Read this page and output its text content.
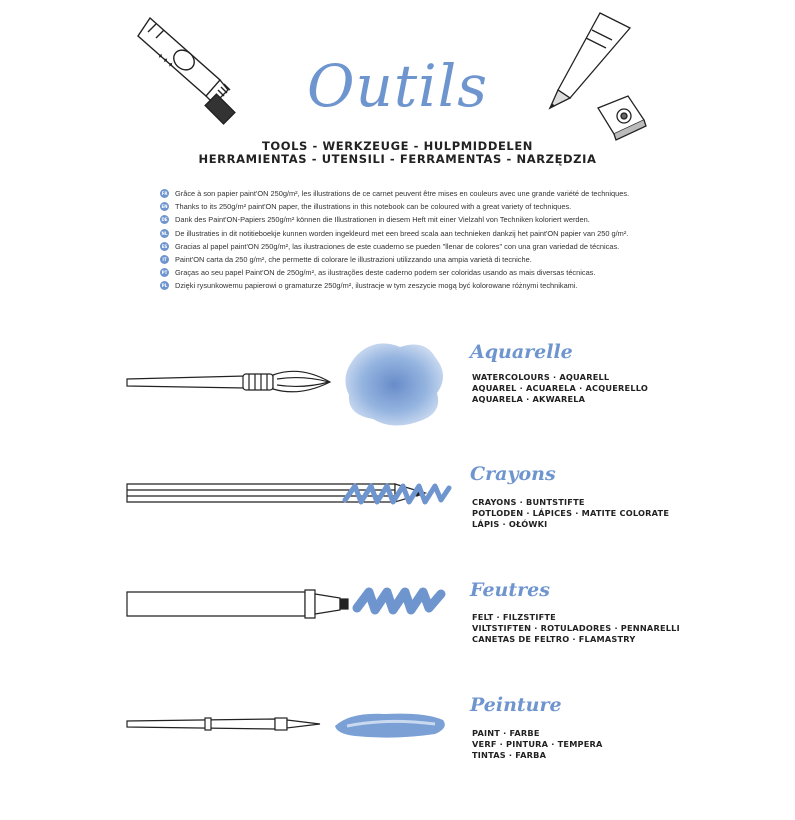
✦✦✦	Outils
TOOLS - WERKZEUGE - HULPMIDDELEN
HERRAMIENTAS - UTENSILI - FERRAMENTAS - NARZĘDZIA
FR Grâce à son papier paint'ON 250g/m², les illustrations de ce carnet peuvent être mises en couleurs avec une grande variété de techniques.
EN Thanks to its 250g/m² paint'ON paper, the illustrations in this notebook can be coloured with a great variety of techniques.
DE Dank des Paint'ON-Papiers 250g/m² können die Illustrationen in diesem Heft mit einer Vielzahl von Techniken koloriert werden.
NL De illustraties in dit notitieboekje kunnen worden ingekleurd met een breed scala aan technieken dankzij het paint'ON papier van 250 g/m².
ES Gracias al papel paint'ON 250g/m², las ilustraciones de este cuaderno se pueden "llenar de colores" con una gran variedad de técnicas.
IT	Paint'ON carta da 250 g/m², che permette di colorare le illustrazioni utilizzando una ampia varietà di tecniche.
PT Graças ao seu papel Paint'ON de 250g/m², as ilustrações deste caderno podem ser coloridas usando as mais diversas técnicas.
PL Dzięki rysunkowemu papierowi o gramaturze 250g/m², ilustracje w tym zeszycie mogą być kolorowane różnymi technikami.
Aquarelle
WATERCOLOURS · AQUARELL
AQUAREL · ACUARELA · ACQUERELLO
AQUARELA · AKWARELA
Crayons
CRAYONS · BUNTSTIFTE
POTLODEN · LÁPICES · MATITE COLORATE
LÁPIS · OŁÓWKI
Feutres
FELT · FILZSTIFTE
VILTSTIFTEN · ROTULADORES · PENNARELLI
CANETAS DE FELTRO · FLAMASTRY
Peinture
PAINT · FARBE
VERF · PINTURA · TEMPERA
TINTAS · FARBA
